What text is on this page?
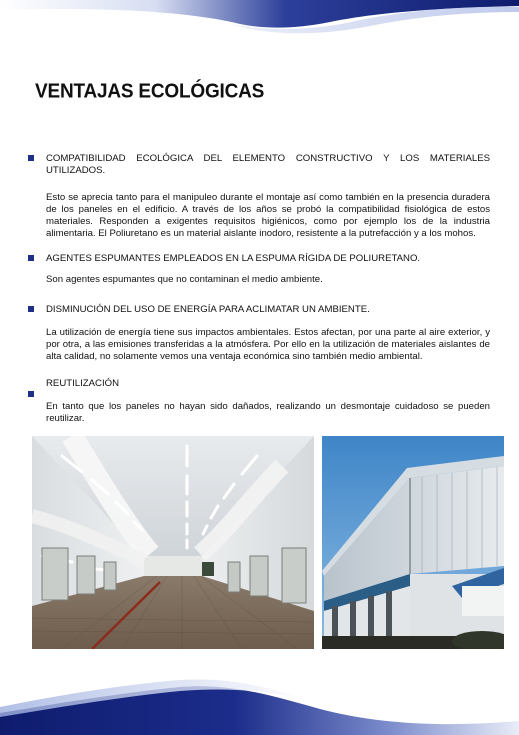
VENTAJAS ECOLÓGICAS

COMPATIBILIDAD ECOLÓGICA DEL ELEMENTO CONSTRUCTIVO Y LOS MATERIALES UTILIZADOS.

Esto se aprecia tanto para el manipuleo durante el montaje así como también en la presencia duradera de los paneles en el edificio. A través de los años se probó la compatibilidad fisiológica de estos materiales. Responden a exigentes requisitos higiénicos, como por ejemplo los de la industria alimentaria. El Poliuretano es un material aislante inodoro, resistente a la putrefacción y a los mohos.

AGENTES ESPUMANTES EMPLEADOS EN LA ESPUMA RÍGIDA DE POLIURETANO.

Son agentes espumantes que no contaminan el medio ambiente.

DISMINUCIÓN DEL USO DE ENERGÍA PARA ACLIMATAR UN AMBIENTE.

La utilización de energía tiene sus impactos ambientales. Estos afectan, por una parte al aire exterior, y por otra, a las emisiones transferidas a la atmósfera. Por ello en la utilización de materiales aislantes de alta calidad, no solamente vemos una ventaja económica sino también medio ambiental.

REUTILIZACIÓN

En tanto que los paneles no hayan sido dañados, realizando un desmontaje cuidadoso se pueden reutilizar.
